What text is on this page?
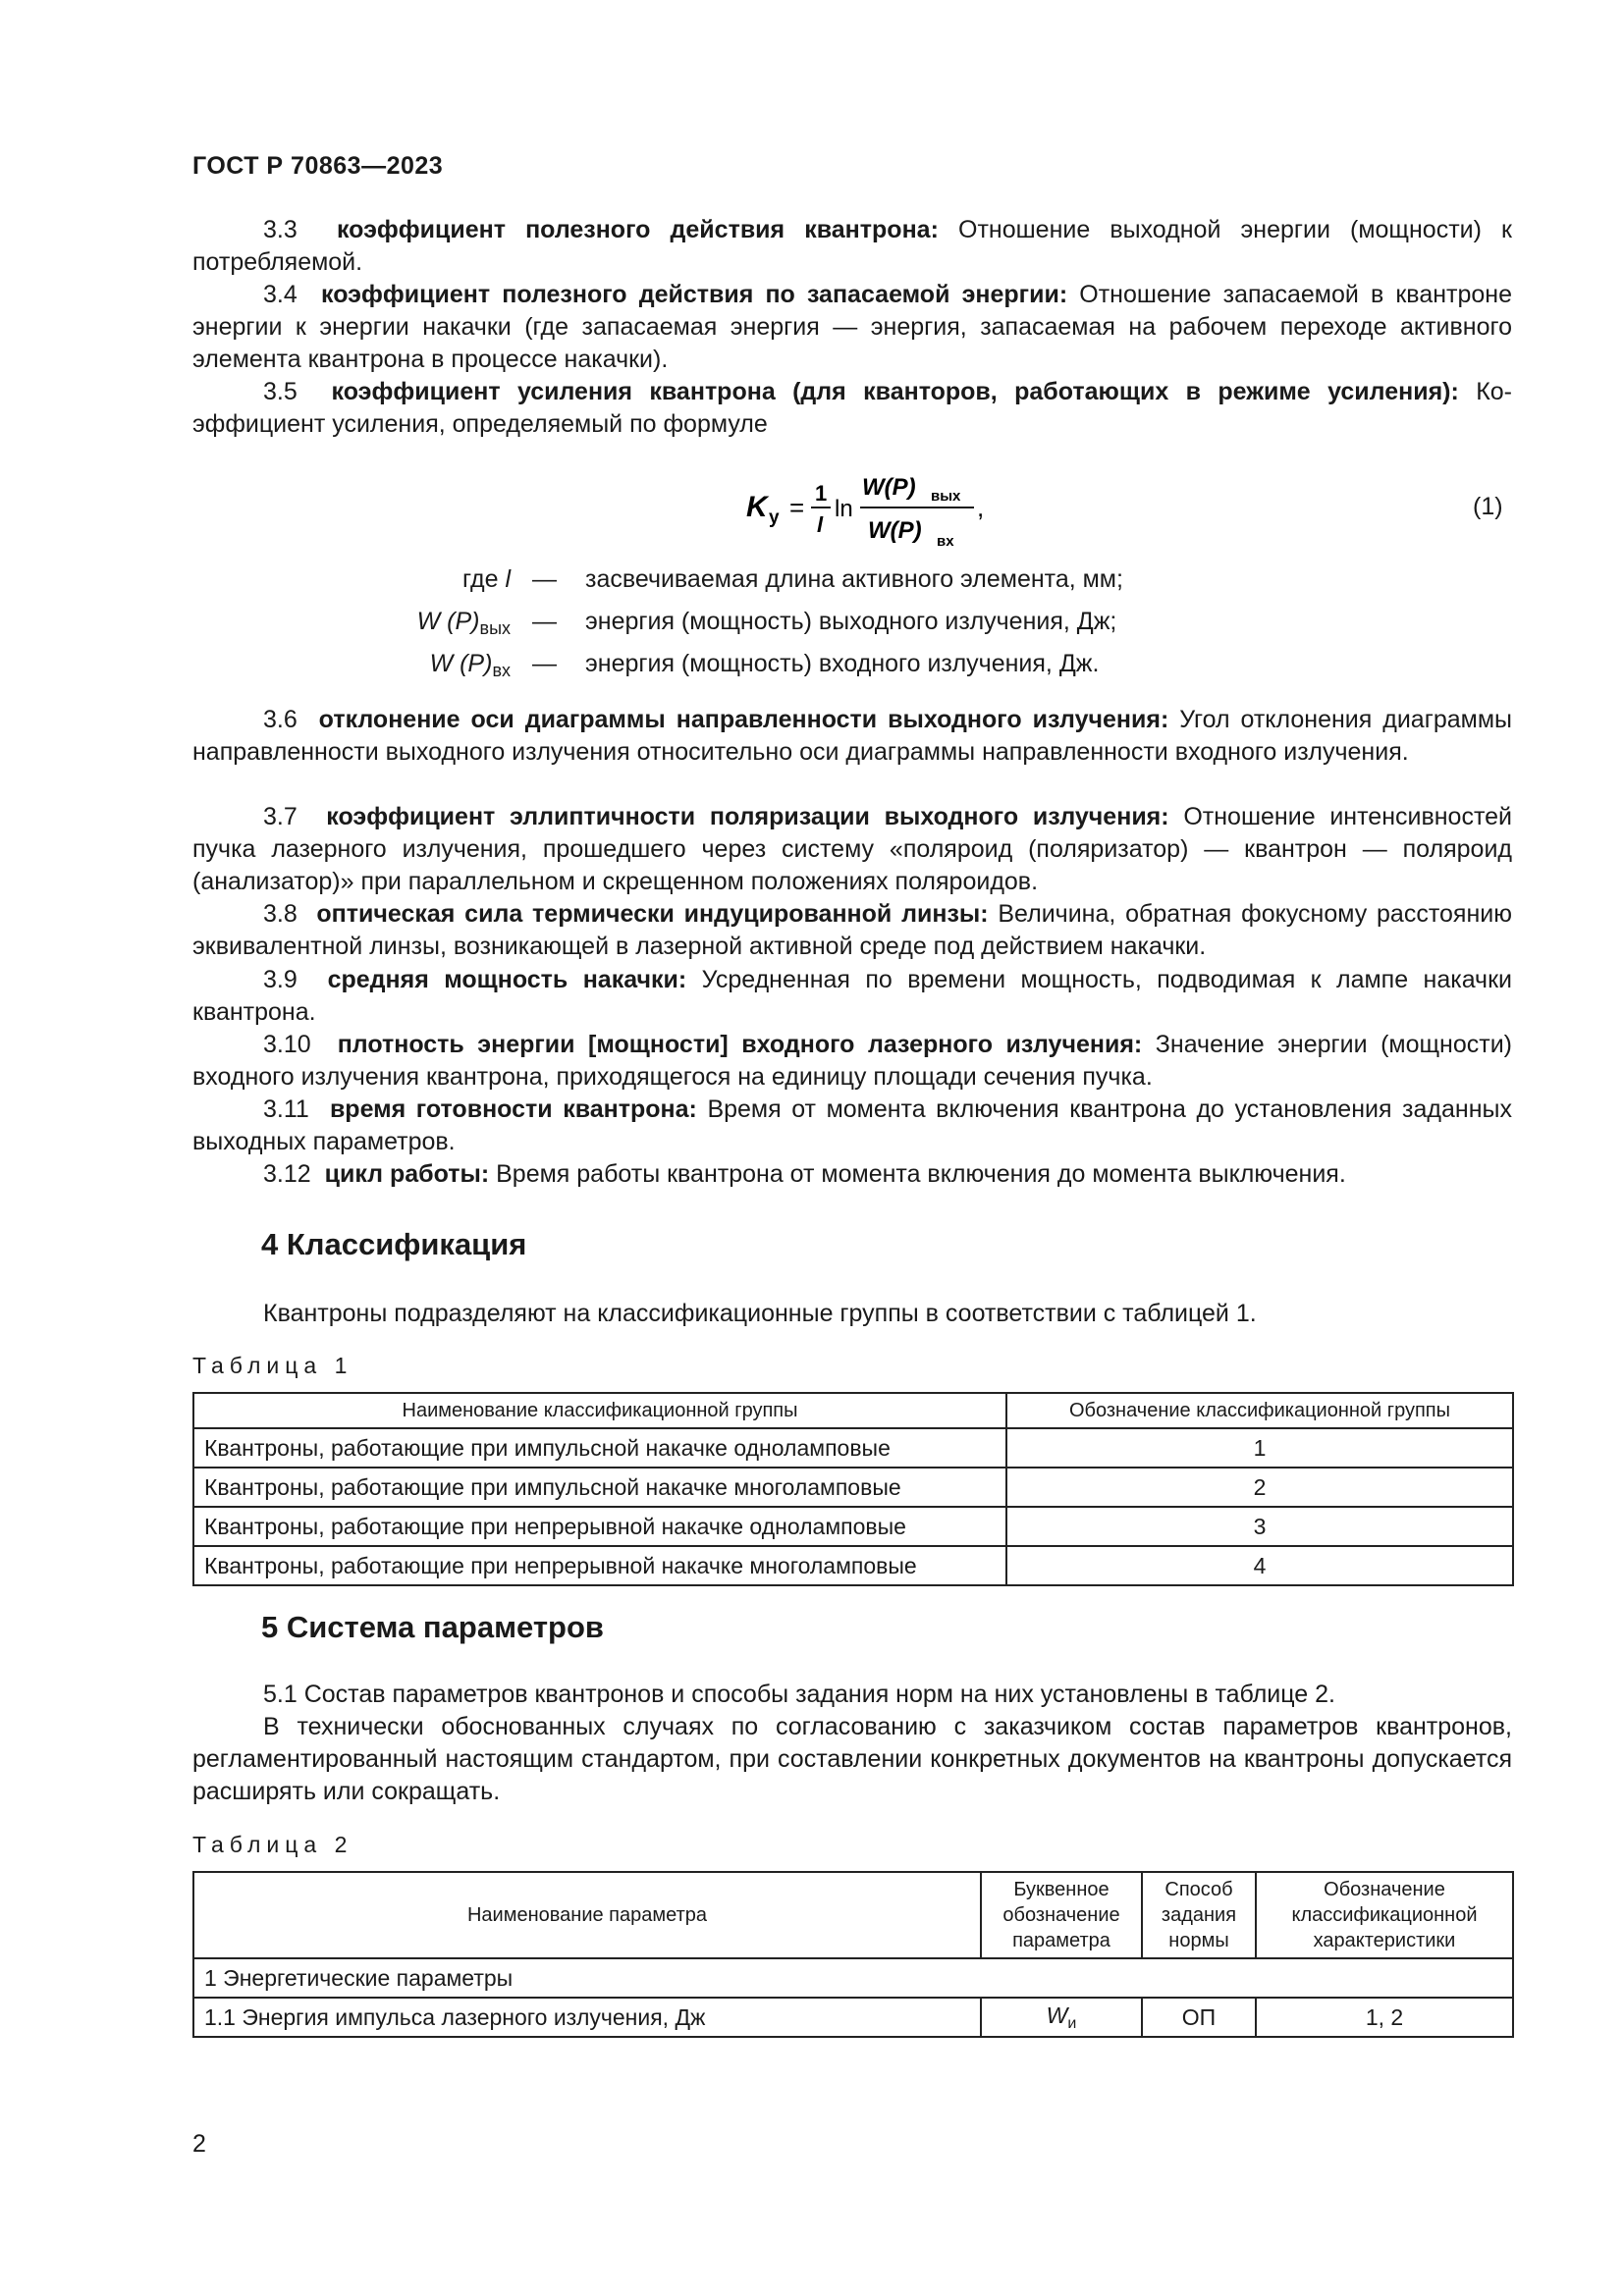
ГОСТ Р 70863—2023

3.3 коэффициент полезного действия квантрона: Отношение выходной энергии (мощности) к потребляемой.

3.4 коэффициент полезного действия по запасаемой энергии: Отношение запасаемой в квантроне энергии к энергии накачки (где запасаемая энергия — энергия, запасаемая на рабочем переходе активного элемента квантрона в процессе накачки).

3.5 коэффициент усиления квантрона (для кванторов, работающих в режиме усиления): Коэффициент усиления, определяемый по формуле

K у = 1
l
ln
W(P) вых
W(P) вх
,	(1)
где l — засвечиваемая длина активного элемента, мм;
W $(P)_{вых}$ — энергия (мощность) выходного излучения, Дж;
W $(P)_{вх}$ — энергия (мощность) входного излучения, Дж.

3.6 отклонение оси диаграммы направленности выходного излучения: Угол отклонения диаграммы направленности выходного излучения относительно оси диаграммы направленности входного излучения.

3.7 коэффициент эллиптичности поляризации выходного излучения: Отношение интенсивностей пучка лазерного излучения, прошедшего через систему «поляроид (поляризатор) — квантрон — поляроид (анализатор)» при параллельном и скрещенном положениях поляроидов.

3.8 оптическая сила термически индуцированной линзы: Величина, обратная фокусному расстоянию эквивалентной линзы, возникающей в лазерной активной среде под действием накачки.

3.9 средняя мощность накачки: Усредненная по времени мощность, подводимая к лампе накачки квантрона.

3.10 плотность энергии [мощности] входного лазерного излучения: Значение энергии (мощности) входного излучения квантрона, приходящегося на единицу площади сечения пучка.

3.11 время готовности квантрона: Время от момента включения квантрона до установления заданных выходных параметров.

3.12 цикл работы: Время работы квантрона от момента включения до момента выключения.

4 Классификация

Квантроны подразделяют на классификационные группы в соответствии с таблицей 1.

Таблица 1
Наименование классификационной группы	Обозначение классификационной группы
Квантроны, работающие при импульсной накачке одноламповые	1
Квантроны, работающие при импульсной накачке многоламповые	2
Квантроны, работающие при непрерывной накачке одноламповые	3
Квантроны, работающие при непрерывной накачке многоламповые	4
5 Система параметров

5.1 Состав параметров квантронов и способы задания норм на них установлены в таблице 2.

В технически обоснованных случаях по согласованию с заказчиком состав параметров квантронов, регламентированный настоящим стандартом, при составлении конкретных документов на квантроны допускается расширять или сокращать.

Таблица 2
Наименование параметра	Буквенное обозначение параметра	Способ задания нормы	Обозначение классификационной характеристики
1 Энергетические параметры			
1.1 Энергия импульса лазерного излучения, Дж	$W_и$	ОП	1, 2
2
